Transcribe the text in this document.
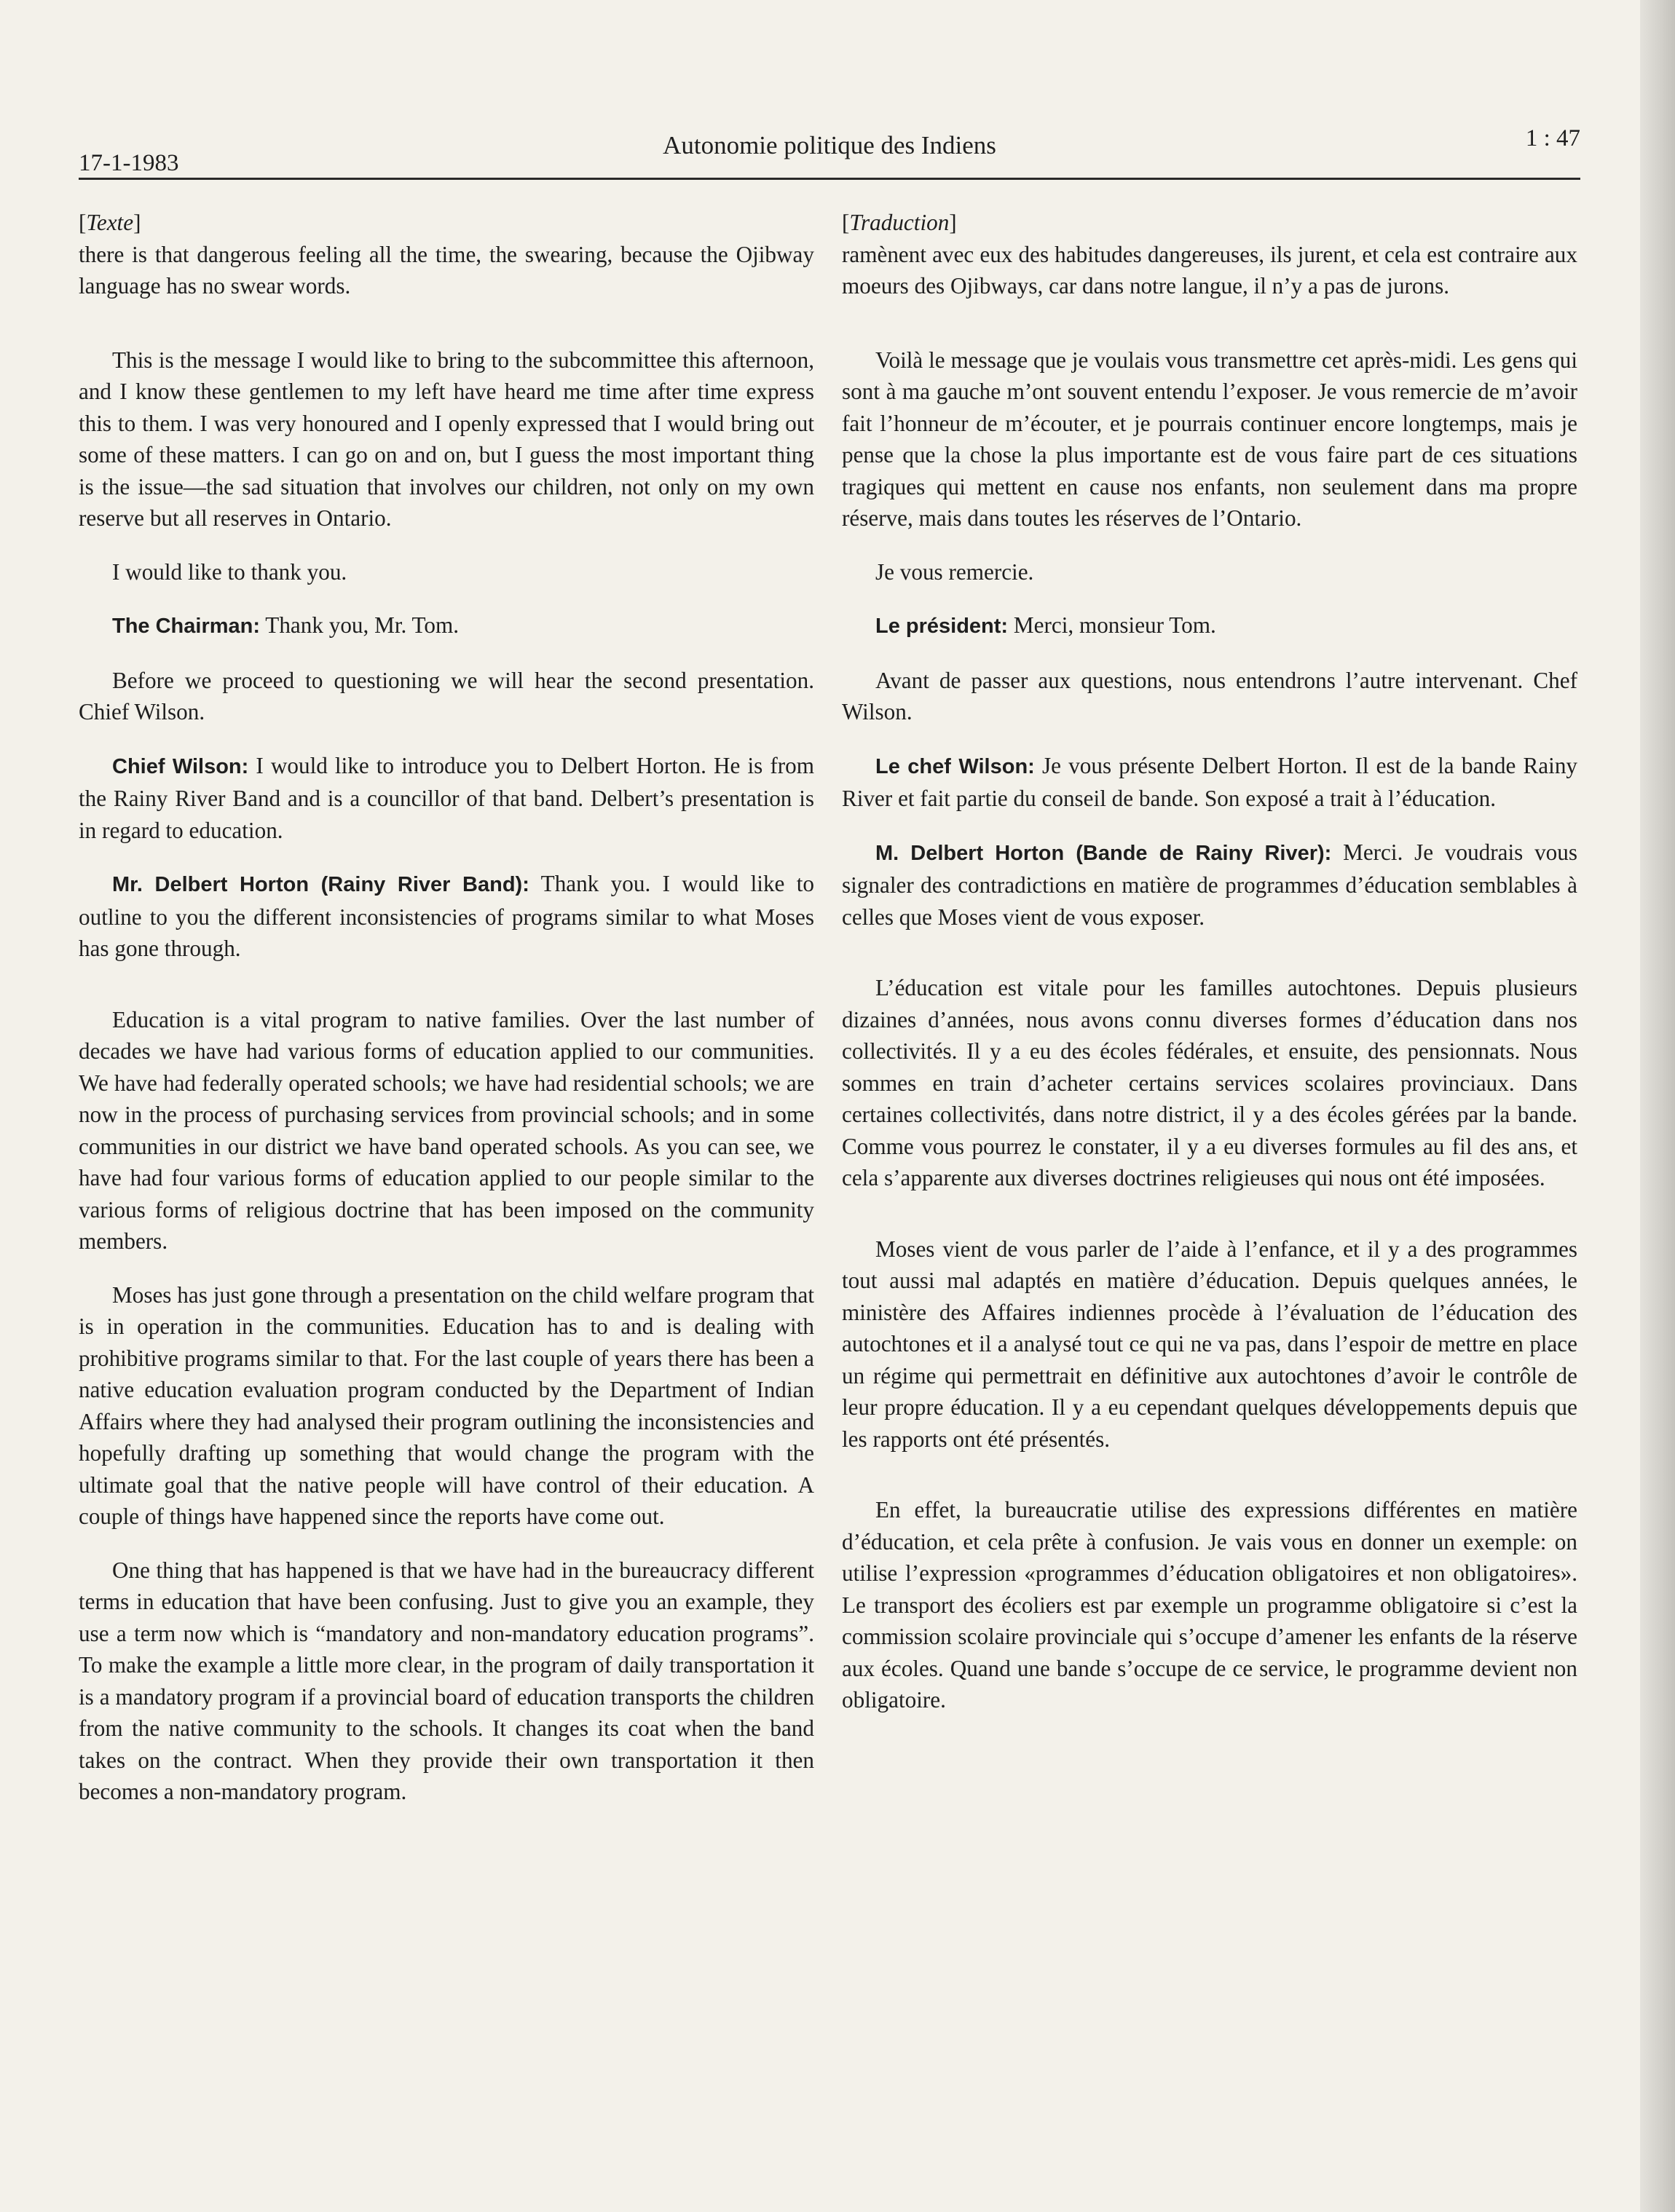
17-1-1983
Autonomie politique des Indiens	1 : 47
[Texte]

there is that dangerous feeling all the time, the swearing, because the Ojibway language has no swear words.

This is the message I would like to bring to the subcommittee this afternoon, and I know these gentlemen to my left have heard me time after time express this to them. I was very honoured and I openly expressed that I would bring out some of these matters. I can go on and on, but I guess the most important thing is the issue—the sad situation that involves our children, not only on my own reserve but all reserves in Ontario.

I would like to thank you.

The Chairman: Thank you, Mr. Tom.

Before we proceed to questioning we will hear the second presentation. Chief Wilson.

Chief Wilson: I would like to introduce you to Delbert Horton. He is from the Rainy River Band and is a councillor of that band. Delbert’s presentation is in regard to education.

Mr. Delbert Horton (Rainy River Band): Thank you. I would like to outline to you the different inconsistencies of programs similar to what Moses has gone through.

Education is a vital program to native families. Over the last number of decades we have had various forms of education applied to our communities. We have had federally operated schools; we have had residential schools; we are now in the process of purchasing services from provincial schools; and in some communities in our district we have band operated schools. As you can see, we have had four various forms of education applied to our people similar to the various forms of religious doctrine that has been imposed on the community members.

Moses has just gone through a presentation on the child welfare program that is in operation in the communities. Education has to and is dealing with prohibitive programs similar to that. For the last couple of years there has been a native education evaluation program conducted by the Department of Indian Affairs where they had analysed their program outlining the inconsistencies and hopefully drafting up something that would change the program with the ultimate goal that the native people will have control of their education. A couple of things have happened since the reports have come out.

One thing that has happened is that we have had in the bureaucracy different terms in education that have been confusing. Just to give you an example, they use a term now which is “mandatory and non-mandatory education programs”. To make the example a little more clear, in the program of daily transportation it is a mandatory program if a provincial board of education transports the children from the native community to the schools. It changes its coat when the band takes on the contract. When they provide their own transportation it then becomes a non-mandatory program.

[Traduction]

ramènent avec eux des habitudes dangereuses, ils jurent, et cela est contraire aux moeurs des Ojibways, car dans notre langue, il n’y a pas de jurons.

Voilà le message que je voulais vous transmettre cet après-midi. Les gens qui sont à ma gauche m’ont souvent entendu l’exposer. Je vous remercie de m’avoir fait l’honneur de m’écouter, et je pourrais continuer encore longtemps, mais je pense que la chose la plus importante est de vous faire part de ces situations tragiques qui mettent en cause nos enfants, non seulement dans ma propre réserve, mais dans toutes les réserves de l’Ontario.

Je vous remercie.

Le président: Merci, monsieur Tom.

Avant de passer aux questions, nous entendrons l’autre intervenant. Chef Wilson.

Le chef Wilson: Je vous présente Delbert Horton. Il est de la bande Rainy River et fait partie du conseil de bande. Son exposé a trait à l’éducation.

M. Delbert Horton (Bande de Rainy River): Merci. Je voudrais vous signaler des contradictions en matière de programmes d’éducation semblables à celles que Moses vient de vous exposer.

L’éducation est vitale pour les familles autochtones. Depuis plusieurs dizaines d’années, nous avons connu diverses formes d’éducation dans nos collectivités. Il y a eu des écoles fédérales, et ensuite, des pensionnats. Nous sommes en train d’acheter certains services scolaires provinciaux. Dans certaines collectivités, dans notre district, il y a des écoles gérées par la bande. Comme vous pourrez le constater, il y a eu diverses formules au fil des ans, et cela s’apparente aux diverses doctrines religieuses qui nous ont été imposées.

Moses vient de vous parler de l’aide à l’enfance, et il y a des programmes tout aussi mal adaptés en matière d’éducation. Depuis quelques années, le ministère des Affaires indiennes procède à l’évaluation de l’éducation des autochtones et il a analysé tout ce qui ne va pas, dans l’espoir de mettre en place un régime qui permettrait en définitive aux autochtones d’avoir le contrôle de leur propre éducation. Il y a eu cependant quelques développements depuis que les rapports ont été présentés.

En effet, la bureaucratie utilise des expressions différentes en matière d’éducation, et cela prête à confusion. Je vais vous en donner un exemple: on utilise l’expression «programmes d’éducation obligatoires et non obligatoires». Le transport des écoliers est par exemple un programme obligatoire si c’est la commission scolaire provinciale qui s’occupe d’amener les enfants de la réserve aux écoles. Quand une bande s’occupe de ce service, le programme devient non obligatoire.
